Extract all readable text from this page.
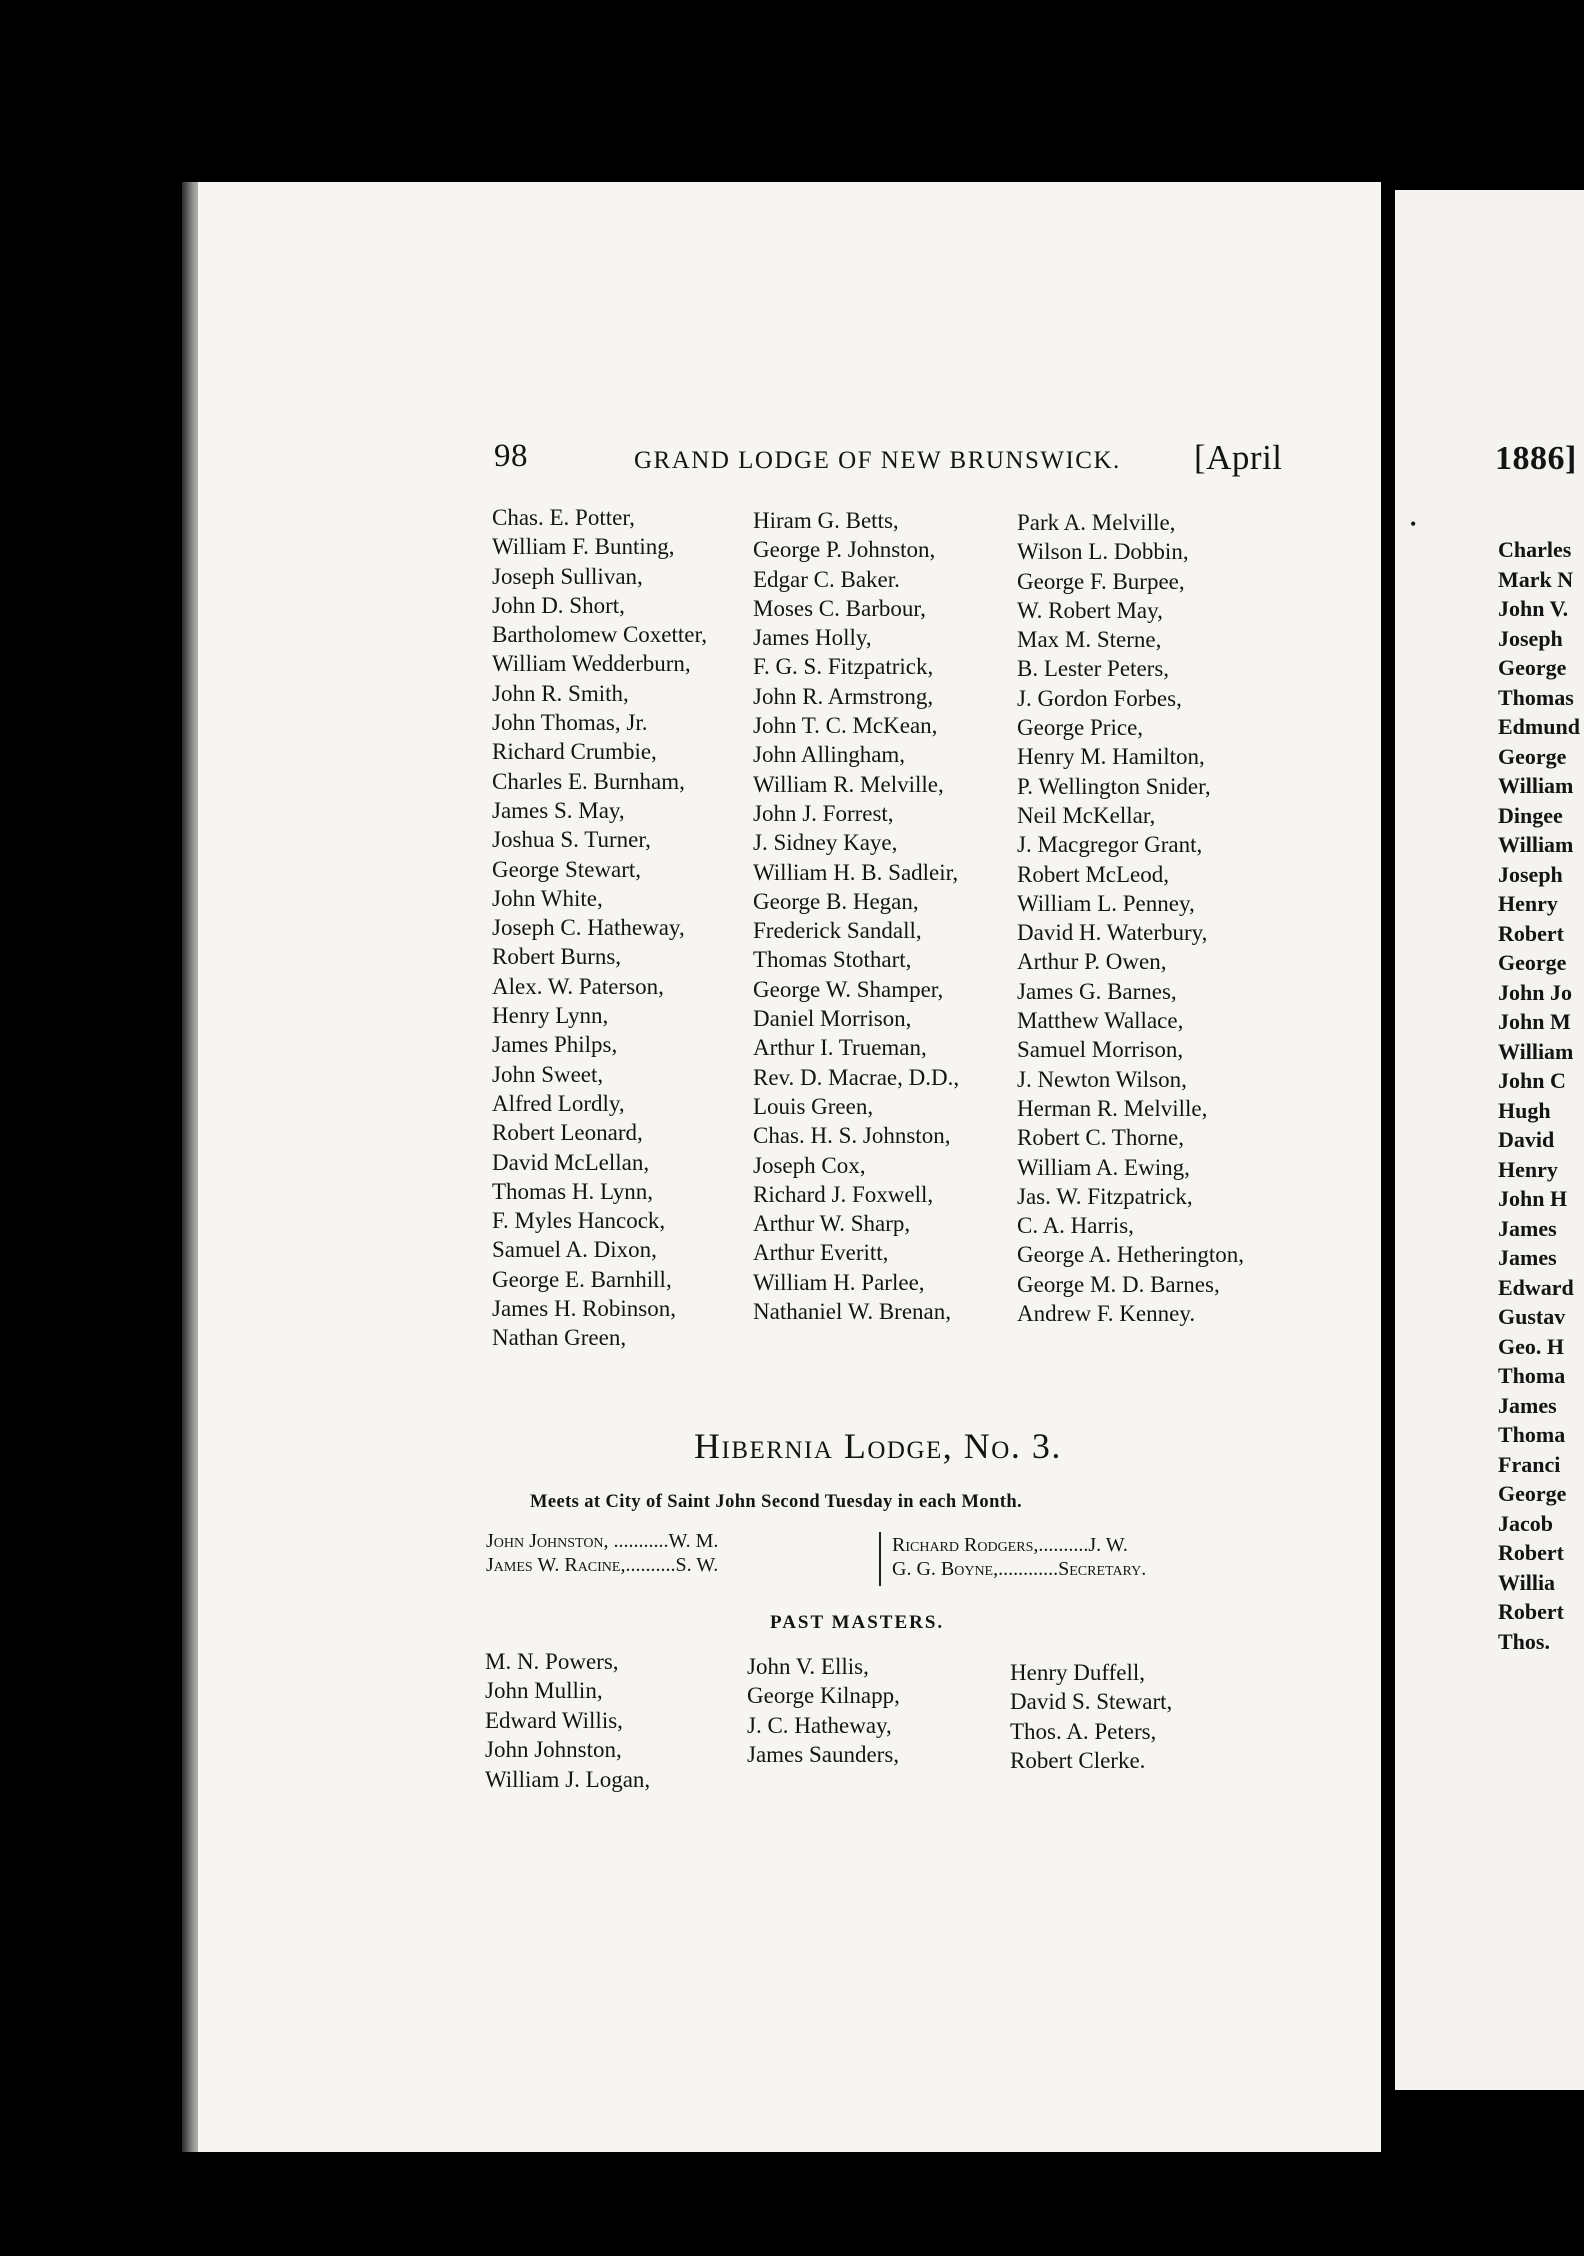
98	GRAND LODGE OF NEW BRUNSWICK. [April	1886]
Chas. E. Potter,
William F. Bunting,
Joseph Sullivan,
John D. Short,
Bartholomew Coxetter,
William Wedderburn,
John R. Smith,
John Thomas, Jr.
Richard Crumbie,
Charles E. Burnham,
James S. May,
Joshua S. Turner,
George Stewart,
John White,
Joseph C. Hatheway,
Robert Burns,
Alex. W. Paterson,
Henry Lynn,
James Philps,
John Sweet,
Alfred Lordly,
Robert Leonard,
David McLellan,
Thomas H. Lynn,
F. Myles Hancock,
Samuel A. Dixon,
George E. Barnhill,
James H. Robinson,
Nathan Green,
Hiram G. Betts,
George P. Johnston,
Edgar C. Baker.
Moses C. Barbour,
James Holly,
F. G. S. Fitzpatrick,
John R. Armstrong,
John T. C. McKean,
John Allingham,
William R. Melville,
John J. Forrest,
J. Sidney Kaye,
William H. B. Sadleir,
George B. Hegan,
Frederick Sandall,
Thomas Stothart,
George W. Shamper,
Daniel Morrison,
Arthur I. Trueman,
Rev. D. Macrae, D.D.,
Louis Green,
Chas. H. S. Johnston,
Joseph Cox,
Richard J. Foxwell,
Arthur W. Sharp,
Arthur Everitt,
William H. Parlee,
Nathaniel W. Brenan,
Park A. Melville,
Wilson L. Dobbin,
George F. Burpee,
W. Robert May,
Max M. Sterne,
B. Lester Peters,
J. Gordon Forbes,
George Price,
Henry M. Hamilton,
P. Wellington Snider,
Neil McKellar,
J. Macgregor Grant,
Robert McLeod,
William L. Penney,
David H. Waterbury,
Arthur P. Owen,
James G. Barnes,
Matthew Wallace,
Samuel Morrison,
J. Newton Wilson,
Herman R. Melville,
Robert C. Thorne,
William A. Ewing,
Jas. W. Fitzpatrick,
C. A. Harris,
George A. Hetherington,
George M. D. Barnes,
Andrew F. Kenney.
Hibernia Lodge, No. 3.
Meets at City of Saint John Second Tuesday in each Month.
John Johnston, ...........W. M.
James W. Racine,..........S. W.
Richard Rodgers,..........J. W.
G. G. Boyne,............Secretary.
PAST MASTERS.
M. N. Powers,
John Mullin,
Edward Willis,
John Johnston,
William J. Logan,
John V. Ellis,
George Kilnapp,
J. C. Hatheway,
James Saunders,
Henry Duffell,
David S. Stewart,
Thos. A. Peters,
Robert Clerke.
•
Charles
Mark N
John V.
Joseph
George
Thomas
Edmund
George
William
Dingee
William
Joseph
Henry
Robert
George
John Jo
John M
William
John C
Hugh
David
Henry
John H
James
James
Edward
Gustav
Geo. H
Thoma
James
Thoma
Franci
George
Jacob
Robert
Willia
Robert
Thos.
